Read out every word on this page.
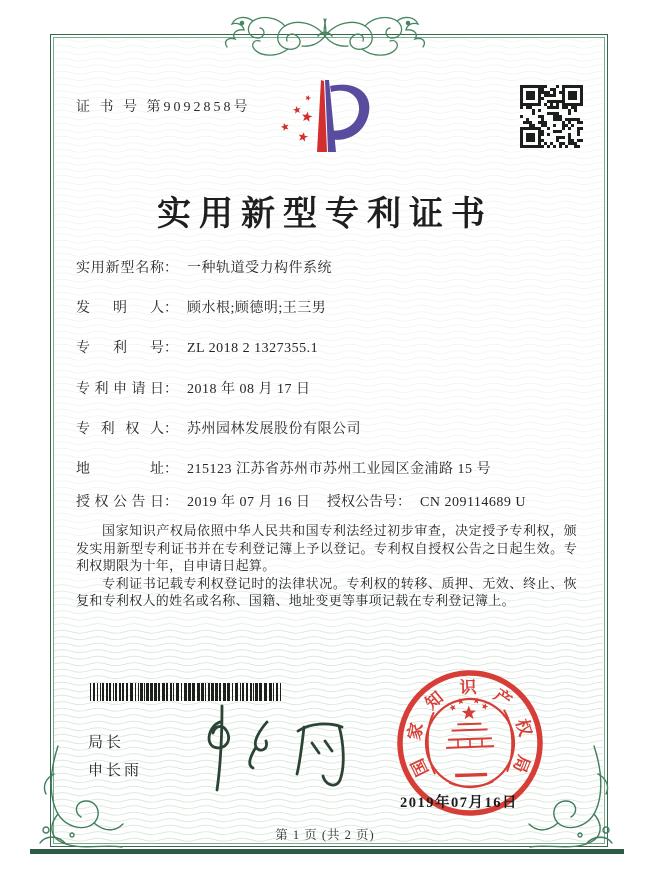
证 书 号 第9092858号
实用新型专利证书
实用新型名称： 一种轨道受力构件系统
发明人： 顾水根;顾德明;王三男
专利号： ZL 2018 2 1327355.1
专利申请日： 2018 年 08 月 17 日
专利权人： 苏州园林发展股份有限公司
地址： 215123 江苏省苏州市苏州工业园区金浦路 15 号
授权公告日： 2019 年 07 月 16 日 授权公告号： CN 209114689 U

国家知识产权局依照中华人民共和国专利法经过初步审查，决定授予专利权，颁发实用新型专利证书并在专利登记簿上予以登记。专利权自授权公告之日起生效。专利权期限为十年，自申请日起算。

专利证书记载专利权登记时的法律状况。专利权的转移、质押、无效、终止、恢复和专利权人的姓名或名称、国籍、地址变更等事项记载在专利登记簿上。

局长
申长雨	国
家
知
识 产
权
局
2019年07月16日
第 1 页 (共 2 页)
